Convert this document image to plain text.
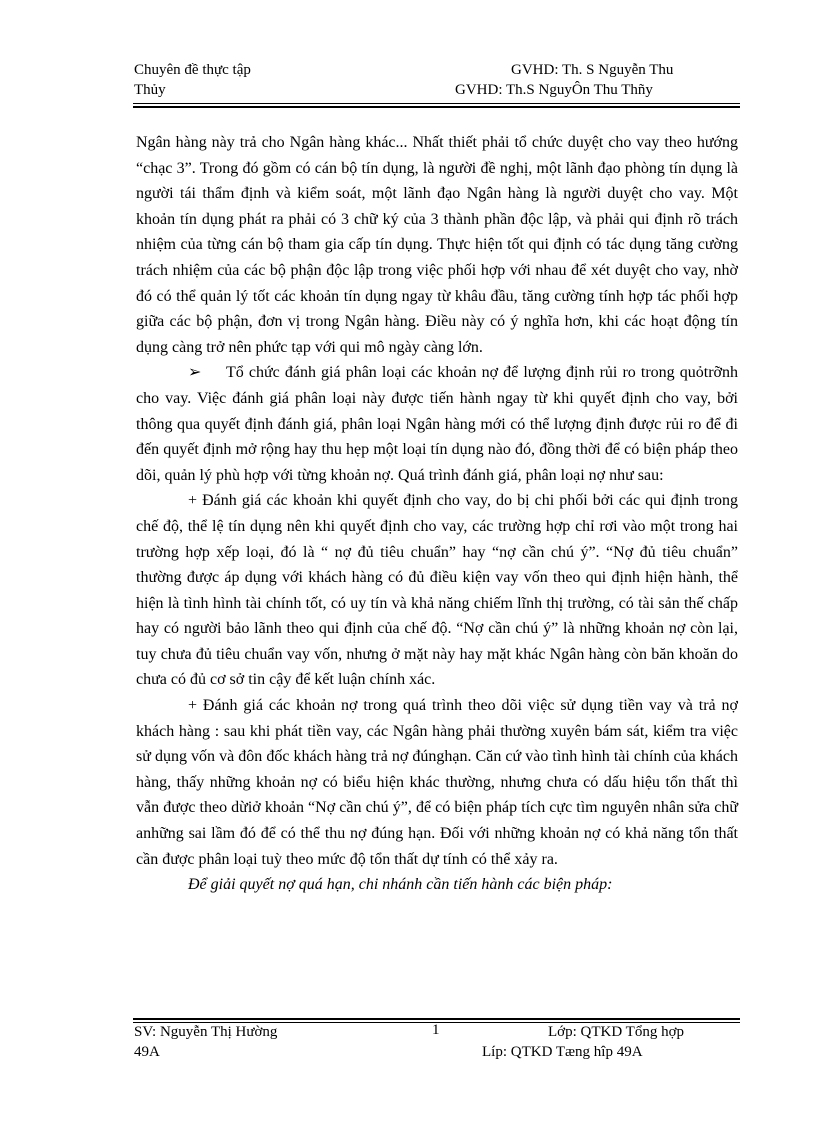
Chuyên đề thực tập
Thủy
GVHD: Th. S Nguyễn Thu
GVHD: Th.S NguyÔn Thu Thñy

Ngân hàng này trả cho Ngân hàng khác... Nhất thiết phải tổ chức duyệt cho vay theo hướng “chạc 3”. Trong đó gồm có cán bộ tín dụng, là người đề nghị, một lãnh đạo phòng tín dụng là người tái thẩm định và kiểm soát, một lãnh đạo Ngân hàng là người duyệt cho vay. Một khoản tín dụng phát ra phải có 3 chữ ký của 3 thành phần độc lập, và phải qui định rõ trách nhiệm của từng cán bộ tham gia cấp tín dụng. Thực hiện tốt qui định có tác dụng tăng cường trách nhiệm của các bộ phận độc lập trong việc phối hợp với nhau để xét duyệt cho vay, nhờ đó có thể quản lý tốt các khoản tín dụng ngay từ khâu đầu, tăng cường tính hợp tác phối hợp giữa các bộ phận, đơn vị trong Ngân hàng. Điều này có ý nghĩa hơn, khi các hoạt động tín dụng càng trở nên phức tạp với qui mô ngày càng lớn.

➢ Tổ chức đánh giá phân loại các khoản nợ để lượng định rủi ro trong quỏtrỡnh cho vay. Việc đánh giá phân loại này được tiến hành ngay từ khi quyết định cho vay, bởi thông qua quyết định đánh giá, phân loại Ngân hàng mới có thể lượng định được rủi ro để đi đến quyết định mở rộng hay thu hẹp một loại tín dụng nào đó, đồng thời để có biện pháp theo dõi, quản lý phù hợp với từng khoản nợ. Quá trình đánh giá, phân loại nợ như sau:

+ Đánh giá các khoản khi quyết định cho vay, do bị chi phối bởi các qui định trong chế độ, thể lệ tín dụng nên khi quyết định cho vay, các trường hợp chỉ rơi vào một trong hai trường hợp xếp loại, đó là “ nợ đủ tiêu chuẩn” hay “nợ cần chú ý”. “Nợ đủ tiêu chuẩn” thường được áp dụng với khách hàng có đủ điều kiện vay vốn theo qui định hiện hành, thể hiện là tình hình tài chính tốt, có uy tín và khả năng chiếm lĩnh thị trường, có tài sản thế chấp hay có người bảo lãnh theo qui định của chế độ. “Nợ cần chú ý” là những khoản nợ còn lại, tuy chưa đủ tiêu chuẩn vay vốn, nhưng ở mặt này hay mặt khác Ngân hàng còn băn khoăn do chưa có đủ cơ sở tin cậy để kết luận chính xác.

+ Đánh giá các khoản nợ trong quá trình theo dõi việc sử dụng tiền vay và trả nợ khách hàng : sau khi phát tiền vay, các Ngân hàng phải thường xuyên bám sát, kiểm tra việc sử dụng vốn và đôn đốc khách hàng trả nợ đúnghạn. Căn cứ vào tình hình tài chính của khách hàng, thấy những khoản nợ có biểu hiện khác thường, nhưng chưa có dấu hiệu tổn thất thì vẫn được theo dừiở khoản “Nợ cần chú ý”, để có biện pháp tích cực tìm nguyên nhân sửa chữ anhững sai lầm đó để có thể thu nợ đúng hạn. Đối với những khoản nợ có khả năng tổn thất cần được phân loại tuỳ theo mức độ tổn thất dự tính có thể xảy ra.

Để giải quyết nợ quá hạn, chi nhánh cần tiến hành các biện pháp:

SV: Nguyễn Thị Hường
49A
1	Lớp: QTKD Tổng hợp
Líp: QTKD Tæng hîp 49A
